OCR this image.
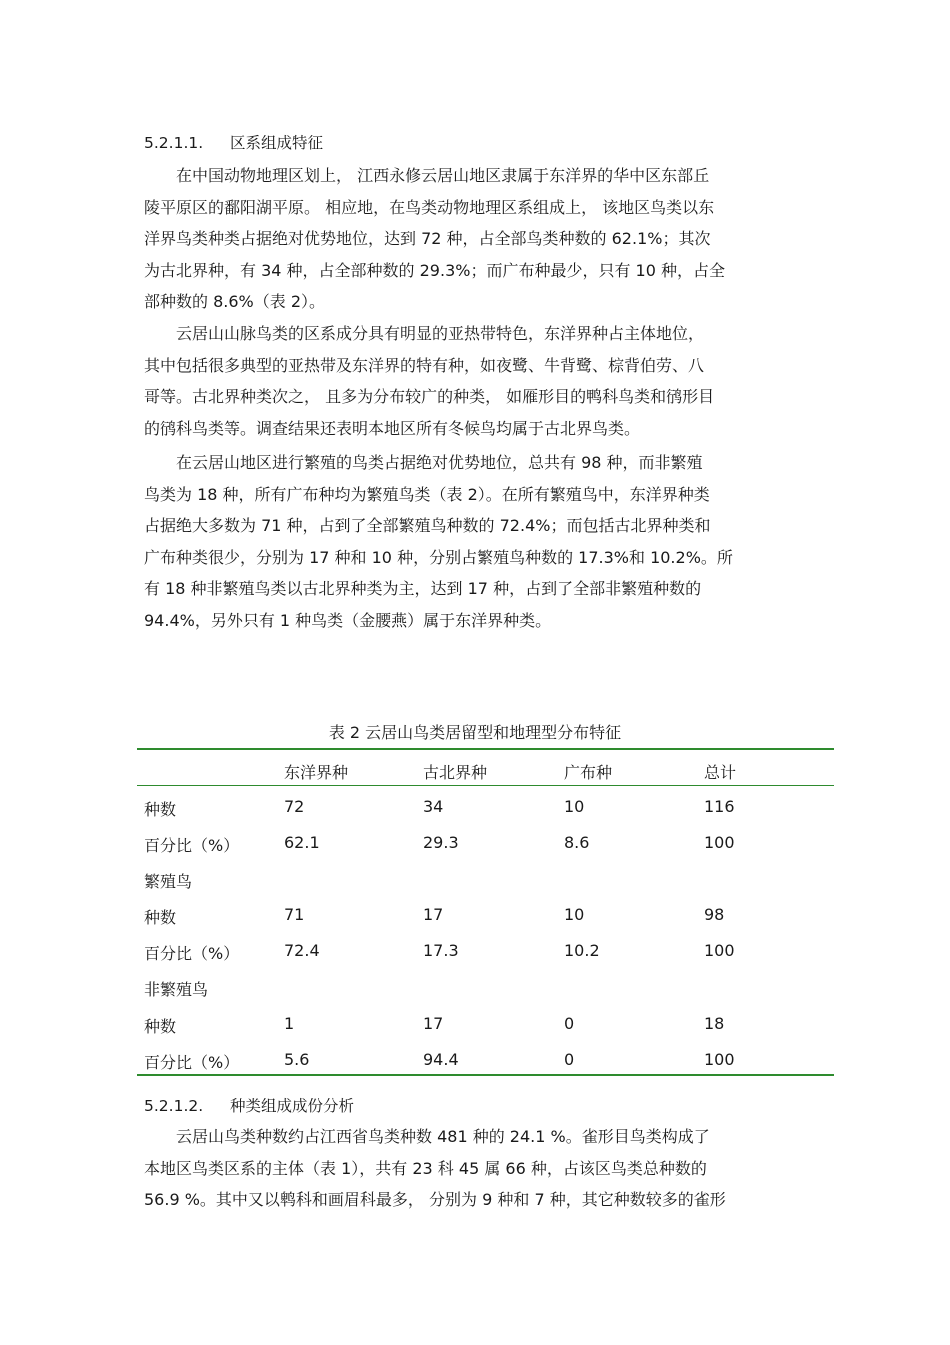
5.2.1.1. 区系组成特征
　　在中国动物地理区划上， 江西永修云居山地区隶属于东洋界的华中区东部丘
陵平原区的鄱阳湖平原。 相应地，在鸟类动物地理区系组成上， 该地区鸟类以东
洋界鸟类种类占据绝对优势地位，达到 72 种，占全部鸟类种数的 62.1%；其次
为古北界种，有 34 种，占全部种数的 29.3%；而广布种最少，只有 10 种，占全
部种数的 8.6%（表 2）。
　　云居山山脉鸟类的区系成分具有明显的亚热带特色，东洋界种占主体地位，
其中包括很多典型的亚热带及东洋界的特有种，如夜鹭、牛背鹭、棕背伯劳、八
哥等。古北界种类次之， 且多为分布较广的种类， 如雁形目的鸭科鸟类和鸻形目
的鸻科鸟类等。调查结果还表明本地区所有冬候鸟均属于古北界鸟类。
　　在云居山地区进行繁殖的鸟类占据绝对优势地位，总共有 98 种，而非繁殖
鸟类为 18 种，所有广布种均为繁殖鸟类（表 2）。在所有繁殖鸟中，东洋界种类
占据绝大多数为 71 种，占到了全部繁殖鸟种数的 72.4%；而包括古北界种类和
广布种类很少，分别为 17 种和 10 种，分别占繁殖鸟种数的 17.3%和 10.2%。所
有 18 种非繁殖鸟类以古北界种类为主，达到 17 种，占到了全部非繁殖种数的
94.4%，另外只有 1 种鸟类（金腰燕）属于东洋界种类。
表 2 云居山鸟类居留型和地理型分布特征
东洋界种	古北界种	广布种	总计
种数	72	34	10	116
百分比（%）	62.1	29.3	8.6	100
繁殖鸟
种数	71	17	10	98
百分比（%）	72.4	17.3	10.2	100
非繁殖鸟
种数	1	17	0	18
百分比（%）	5.6	94.4	0	100
5.2.1.2. 种类组成成份分析
　　云居山鸟类种数约占江西省鸟类种数 481 种的 24.1 %。雀形目鸟类构成了
本地区鸟类区系的主体（表 1），共有 23 科 45 属 66 种，占该区鸟类总种数的
56.9 %。其中又以鹎科和画眉科最多， 分别为 9 种和 7 种，其它种数较多的雀形
